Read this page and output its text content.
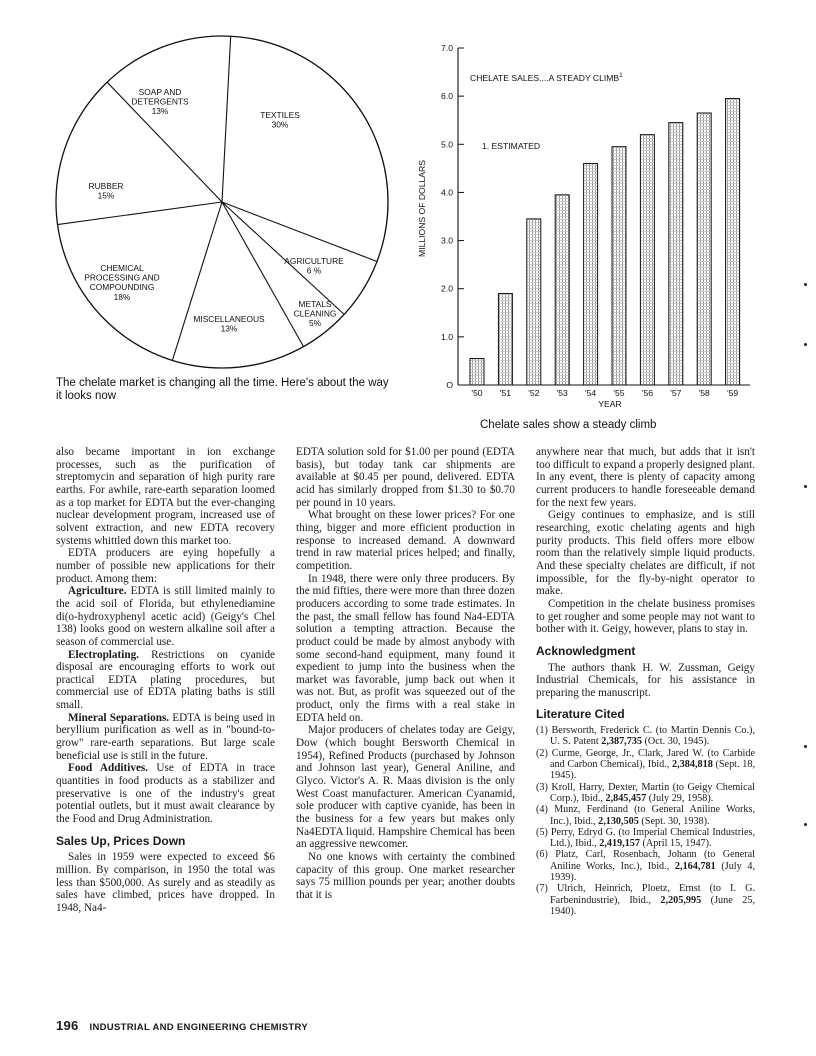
TEXTILES 30%
AGRICULTURE 6 %
METALS CLEANING 5%
MISCELLANEOUS 13%
CHEMICAL PROCESSING AND COMPOUNDING 18%
RUBBER 15%
SOAP AND DETERGENTS 13%
The chelate market is changing all the time. Here's about the way it looks now
O
1.0
2.0
3.0
4.0
5.0
6.0
7.0
'50 '51 '52 '53 '54 '55 '56 '57 '58 '59
YEAR
MILLIONS OF DOLLARS
CHELATE SALES....A STEADY CLIMB$^1$
1. ESTIMATED
Chelate sales show a steady climb

also became important in ion exchange processes, such as the purification of streptomycin and separation of high purity rare earths. For awhile, rare-earth separation loomed as a top market for EDTA but the ever-changing nuclear development program, increased use of solvent extraction, and new EDTA recovery systems whittled down this market too.

EDTA producers are eying hopefully a number of possible new applications for their product. Among them:

Agriculture. EDTA is still limited mainly to the acid soil of Florida, but ethylenediamine di(o-hydroxyphenyl acetic acid) (Geigy's Chel 138) looks good on western alkaline soil after a season of commercial use.

Electroplating. Restrictions on cyanide disposal are encouraging efforts to work out practical EDTA plating procedures, but commercial use of EDTA plating baths is still small.

Mineral Separations. EDTA is being used in beryllium purification as well as in "bound-to-grow" rare-earth separations. But large scale beneficial use is still in the future.

Food Additives. Use of EDTA in trace quantities in food products as a stabilizer and preservative is one of the industry's great potential outlets, but it must await clearance by the Food and Drug Administration.

Sales Up, Prices Down

Sales in 1959 were expected to exceed $6 million. By comparison, in 1950 the total was less than $500,000. As surely and as steadily as sales have climbed, prices have dropped. In 1948, Na4-

EDTA solution sold for $1.00 per pound (EDTA basis), but today tank car shipments are available at $0.45 per pound, delivered. EDTA acid has similarly dropped from $1.30 to $0.70 per pound in 10 years.

What brought on these lower prices? For one thing, bigger and more efficient production in response to increased demand. A downward trend in raw material prices helped; and finally, competition.

In 1948, there were only three producers. By the mid fifties, there were more than three dozen producers according to some trade estimates. In the past, the small fellow has found Na4-EDTA solution a tempting attraction. Because the product could be made by almost anybody with some second-hand equipment, many found it expedient to jump into the business when the market was favorable, jump back out when it was not. But, as profit was squeezed out of the product, only the firms with a real stake in EDTA held on.

Major producers of chelates today are Geigy, Dow (which bought Bersworth Chemical in 1954), Refined Products (purchased by Johnson and Johnson last year), General Aniline, and Glyco. Victor's A. R. Maas division is the only West Coast manufacturer. American Cyanamid, sole producer with captive cyanide, has been in the business for a few years but makes only Na4EDTA liquid. Hampshire Chemical has been an aggressive newcomer.

No one knows with certainty the combined capacity of this group. One market researcher says 75 million pounds per year; another doubts that it is

anywhere near that much, but adds that it isn't too difficult to expand a properly designed plant. In any event, there is plenty of capacity among current producers to handle foreseeable demand for the next few years.

Geigy continues to emphasize, and is still researching, exotic chelating agents and high purity products. This field offers more elbow room than the relatively simple liquid products. And these specialty chelates are difficult, if not impossible, for the fly-by-night operator to make.

Competition in the chelate business promises to get rougher and some people may not want to bother with it. Geigy, however, plans to stay in.

Acknowledgment

The authors thank H. W. Zussman, Geigy Industrial Chemicals, for his assistance in preparing the manuscript.

Literature Cited
(1) Bersworth, Frederick C. (to Martin Dennis Co.), U. S. Patent 2,387,735 (Oct. 30, 1945).
(2) Curme, George, Jr., Clark, Jared W. (to Carbide and Carbon Chemical), Ibid., 2,384,818 (Sept. 18, 1945).
(3) Kroll, Harry, Dexter, Martin (to Geigy Chemical Corp.), Ibid., 2,845,457 (July 29, 1958).
(4) Munz, Ferdinand (to General Aniline Works, Inc.), Ibid., 2,130,505 (Sept. 30, 1938).
(5) Perry, Edryd G. (to Imperial Chemical Industries, Ltd.), Ibid., 2,419,157 (April 15, 1947).
(6) Platz, Carl, Rosenbach, Johann (to General Aniline Works, Inc.), Ibid., 2,164,781 (July 4, 1939).
(7) Ulrich, Heinrich, Ploetz, Ernst (to I. G. Farbenindustrie), Ibid., 2,205,995 (June 25, 1940).
196 INDUSTRIAL AND ENGINEERING CHEMISTRY
